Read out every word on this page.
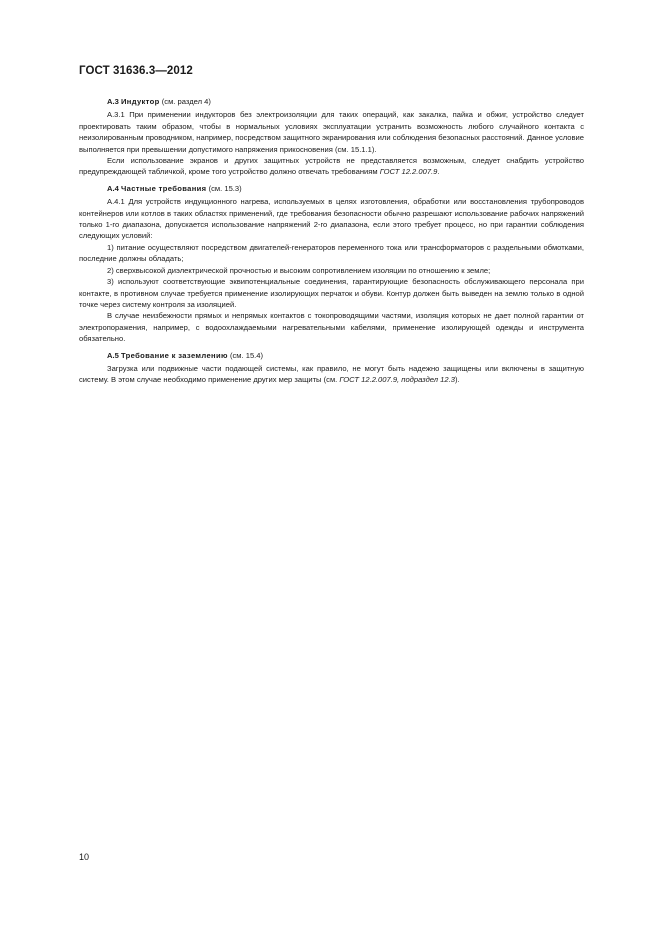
ГОСТ 31636.3—2012

А.3 Индуктор (см. раздел 4)

А.3.1 При применении индукторов без электроизоляции для таких операций, как закалка, пайка и обжиг, устройство следует проектировать таким образом, чтобы в нормальных условиях эксплуатации устранить возможность любого случайного контакта с неизолированным проводником, например, посредством защитного экранирования или соблюдения безопасных расстояний. Данное условие выполняется при превышении допустимого напряжения прикосновения (см. 15.1.1).

Если использование экранов и других защитных устройств не представляется возможным, следует снабдить устройство предупреждающей табличкой, кроме того устройство должно отвечать требованиям ГОСТ 12.2.007.9.

А.4 Частные требования (см. 15.3)

А.4.1 Для устройств индукционного нагрева, используемых в целях изготовления, обработки или восстановления трубопроводов контейнеров или котлов в таких областях применений, где требования безопасности обычно разрешают использование рабочих напряжений только 1-го диапазона, допускается использование напряжений 2-го диапазона, если этого требует процесс, но при гарантии соблюдения следующих условий:

1) питание осуществляют посредством двигателей-генераторов переменного тока или трансформаторов с раздельными обмотками, последние должны обладать;

2) сверхвысокой диэлектрической прочностью и высоким сопротивлением изоляции по отношению к земле;

3) используют соответствующие эквипотенциальные соединения, гарантирующие безопасность обслуживающего персонала при контакте, в противном случае требуется применение изолирующих перчаток и обуви. Контур должен быть выведен на землю только в одной точке через систему контроля за изоляцией.

В случае неизбежности прямых и непрямых контактов с токопроводящими частями, изоляция которых не дает полной гарантии от электропоражения, например, с водоохлаждаемыми нагревательными кабелями, применение изолирующей одежды и инструмента обязательно.

А.5 Требование к заземлению (см. 15.4)

Загрузка или подвижные части подающей системы, как правило, не могут быть надежно защищены или включены в защитную систему. В этом случае необходимо применение других мер защиты (см. ГОСТ 12.2.007.9, подраздел 12.3).

10
